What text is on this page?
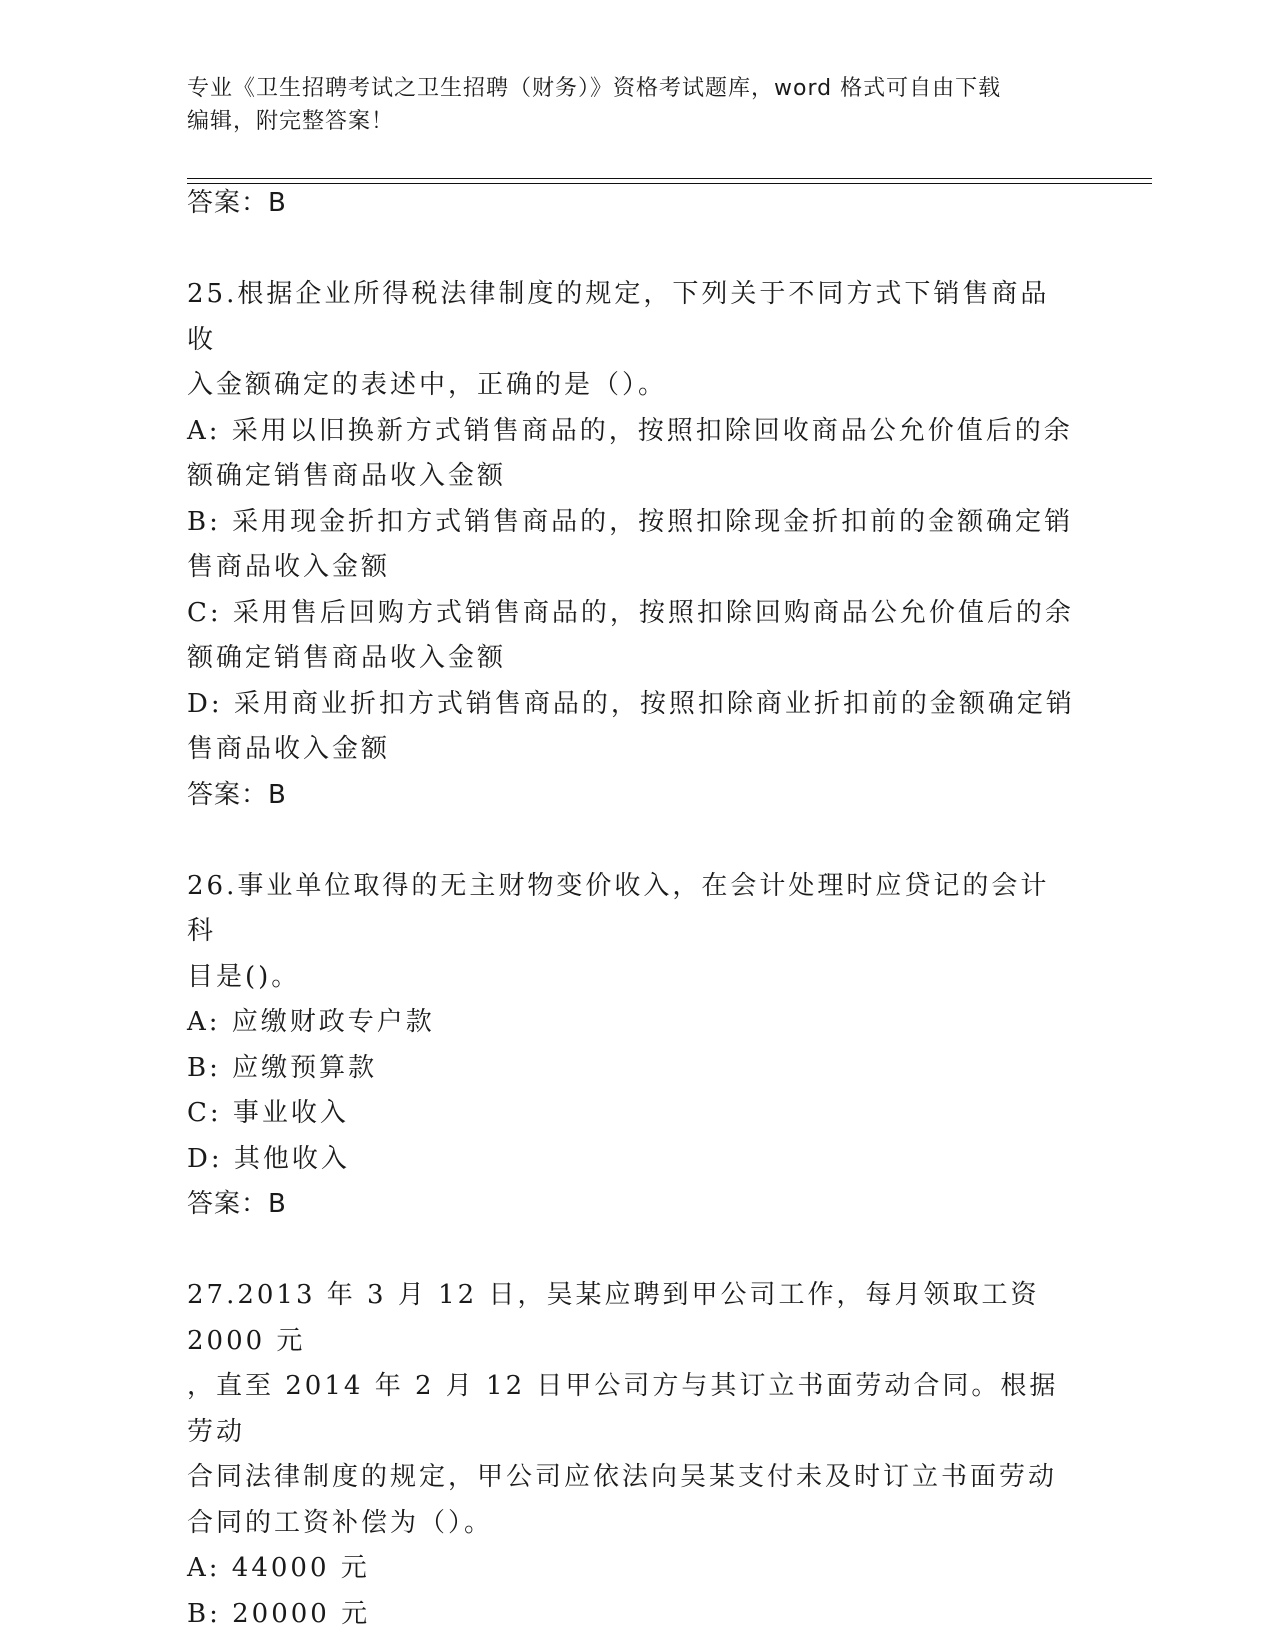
专业《卫生招聘考试之卫生招聘（财务）》资格考试题库，word 格式可自由下载
编辑，附完整答案！
答案：B
25.根据企业所得税法律制度的规定，下列关于不同方式下销售商品收
入金额确定的表述中，正确的是（）。
A: 采用以旧换新方式销售商品的，按照扣除回收商品公允价值后的余
额确定销售商品收入金额
B: 采用现金折扣方式销售商品的，按照扣除现金折扣前的金额确定销
售商品收入金额
C: 采用售后回购方式销售商品的，按照扣除回购商品公允价值后的余
额确定销售商品收入金额
D: 采用商业折扣方式销售商品的，按照扣除商业折扣前的金额确定销
售商品收入金额
答案：B
26.事业单位取得的无主财物变价收入，在会计处理时应贷记的会计科
目是()。
A: 应缴财政专户款
B: 应缴预算款
C: 事业收入
D: 其他收入
答案：B
27.2013 年 3 月 12 日，吴某应聘到甲公司工作，每月领取工资 2000 元
，直至 2014 年 2 月 12 日甲公司方与其订立书面劳动合同。根据劳动
合同法律制度的规定，甲公司应依法向吴某支付未及时订立书面劳动
合同的工资补偿为（）。
A: 44000 元
B: 20000 元
